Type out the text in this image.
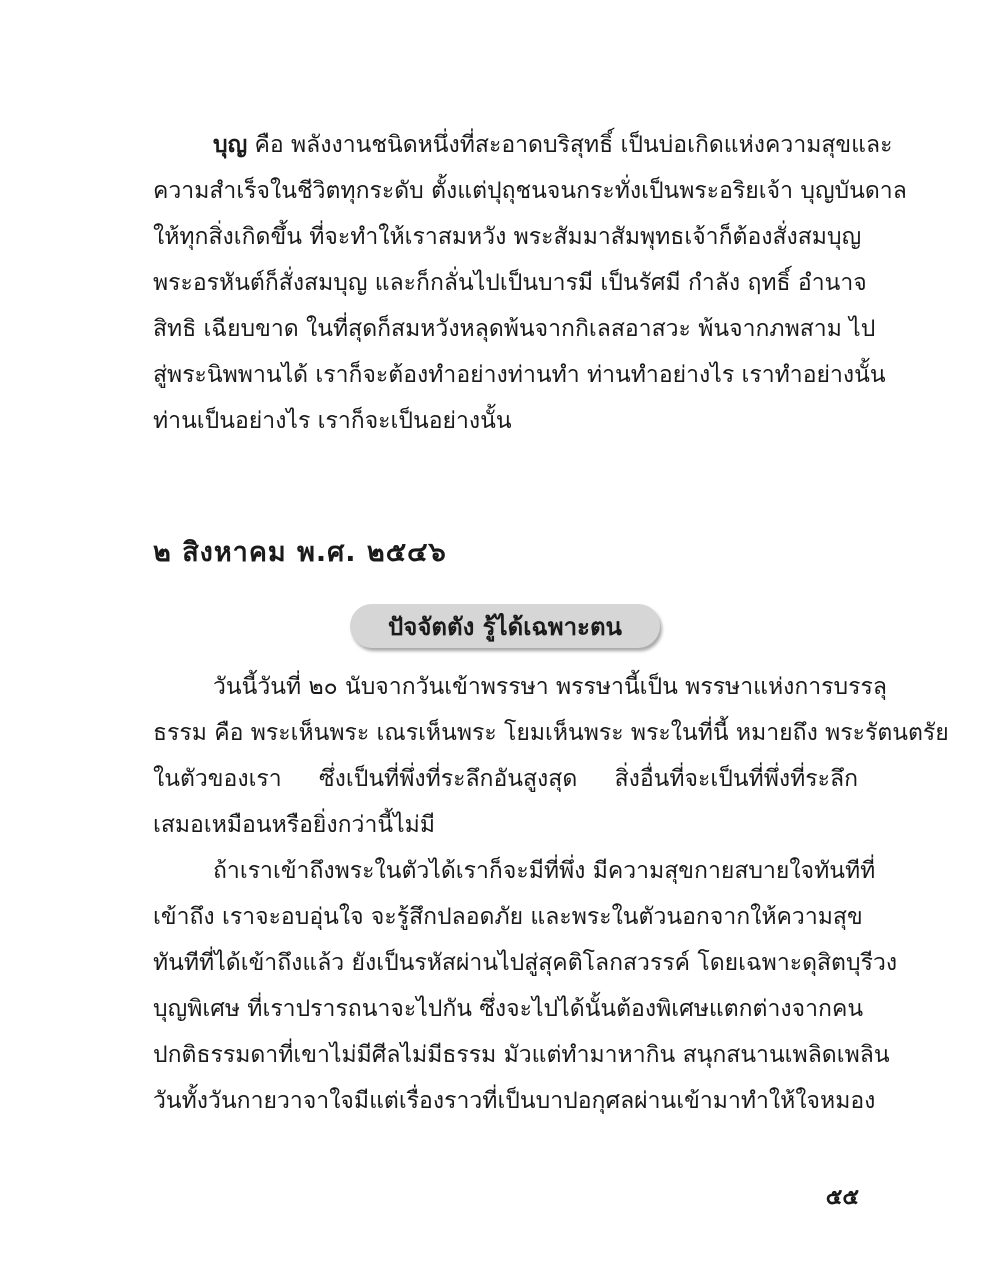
บุญ คือ พลังงานชนิดหนึ่งที่สะอาดบริสุทธิ์ เป็นบ่อเกิดแห่งความสุขและ
ความสำเร็จในชีวิตทุกระดับ ตั้งแต่ปุถุชนจนกระทั่งเป็นพระอริยเจ้า บุญบันดาล
ให้ทุกสิ่งเกิดขึ้น ที่จะทำให้เราสมหวัง พระสัมมาสัมพุทธเจ้าก็ต้องสั่งสมบุญ
พระอรหันต์ก็สั่งสมบุญ และก็กลั่นไปเป็นบารมี เป็นรัศมี กำลัง ฤทธิ์ อำนาจ
สิทธิ เฉียบขาด ในที่สุดก็สมหวังหลุดพ้นจากกิเลสอาสวะ พ้นจากภพสาม ไป
สู่พระนิพพานได้ เราก็จะต้องทำอย่างท่านทำ ท่านทำอย่างไร เราทำอย่างนั้น
ท่านเป็นอย่างไร เราก็จะเป็นอย่างนั้น
๒ สิงหาคม พ.ศ. ๒๕๔๖
ปัจจัตตัง รู้ได้เฉพาะตน
วันนี้วันที่ ๒๐ นับจากวันเข้าพรรษา พรรษานี้เป็น พรรษาแห่งการบรรลุ
ธรรม คือ พระเห็นพระ เณรเห็นพระ โยมเห็นพระ พระในที่นี้ หมายถึง พระรัตนตรัย
ในตัวของเรา ซึ่งเป็นที่พึ่งที่ระลึกอันสูงสุด สิ่งอื่นที่จะเป็นที่พึ่งที่ระลึก
เสมอเหมือนหรือยิ่งกว่านี้ไม่มี
ถ้าเราเข้าถึงพระในตัวได้เราก็จะมีที่พึ่ง มีความสุขกายสบายใจทันทีที่
เข้าถึง เราจะอบอุ่นใจ จะรู้สึกปลอดภัย และพระในตัวนอกจากให้ความสุข
ทันทีที่ได้เข้าถึงแล้ว ยังเป็นรหัสผ่านไปสู่สุคติโลกสวรรค์ โดยเฉพาะดุสิตบุรีวง
บุญพิเศษ ที่เราปรารถนาจะไปกัน ซึ่งจะไปได้นั้นต้องพิเศษแตกต่างจากคน
ปกติธรรมดาที่เขาไม่มีศีลไม่มีธรรม มัวแต่ทำมาหากิน สนุกสนานเพลิดเพลิน
วันทั้งวันกายวาจาใจมีแต่เรื่องราวที่เป็นบาปอกุศลผ่านเข้ามาทำให้ใจหมอง
๕๕
